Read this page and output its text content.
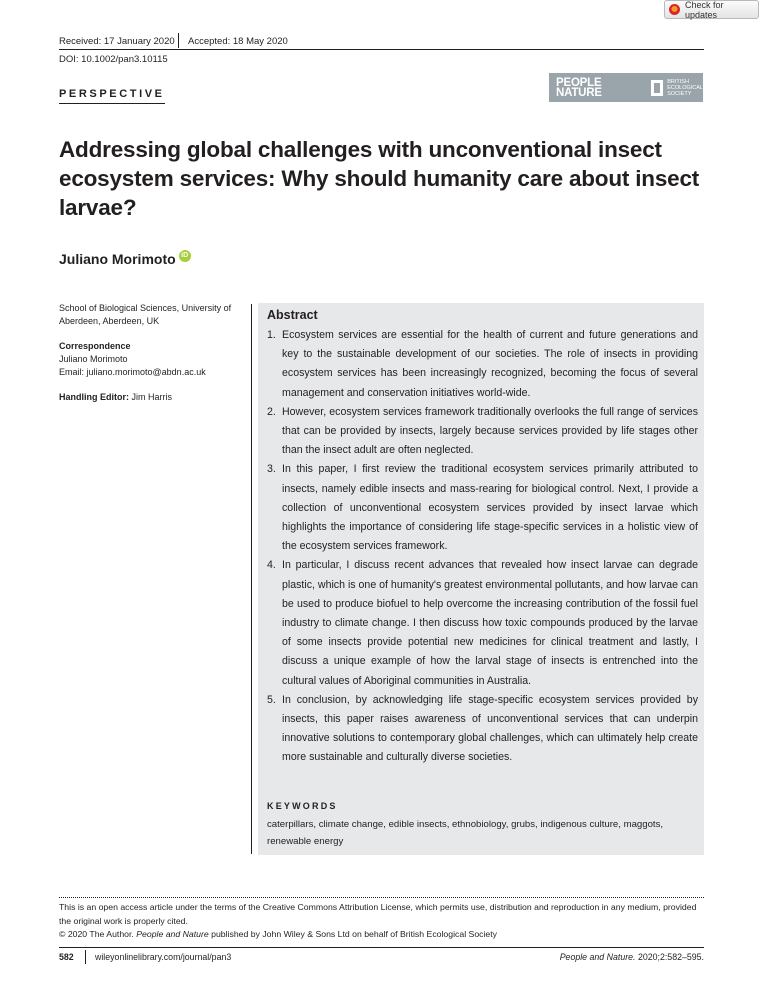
Check for updates
Received: 17 January 2020 Accepted: 18 May 2020
DOI: 10.1002/pan3.10115
PEOPLE
NATURE
BRITISH
ECOLOGICAL
SOCIETY
PERSPECTIVE
Addressing global challenges with unconventional insect ecosystem services: Why should humanity care about insect larvae?
Juliano Morimoto iD
School of Biological Sciences, University of Aberdeen, Aberdeen, UK
Correspondence
Juliano Morimoto
Email: juliano.morimoto@abdn.ac.uk
Handling Editor: Jim Harris
Abstract
1. Ecosystem services are essential for the health of current and future generations and key to the sustainable development of our societies. The role of insects in providing ecosystem services has been increasingly recognized, becoming the focus of several management and conservation initiatives world-wide.
2. However, ecosystem services framework traditionally overlooks the full range of services that can be provided by insects, largely because services provided by life stages other than the insect adult are often neglected.
3. In this paper, I first review the traditional ecosystem services primarily attributed to insects, namely edible insects and mass-rearing for biological control. Next, I provide a collection of unconventional ecosystem services provided by insect larvae which highlights the importance of considering life stage-specific services in a holistic view of the ecosystem services framework.
4. In particular, I discuss recent advances that revealed how insect larvae can degrade plastic, which is one of humanity's greatest environmental pollutants, and how larvae can be used to produce biofuel to help overcome the increasing contribution of the fossil fuel industry to climate change. I then discuss how toxic compounds produced by the larvae of some insects provide potential new medicines for clinical treatment and lastly, I discuss a unique example of how the larval stage of insects is entrenched into the cultural values of Aboriginal communities in Australia.
5. In conclusion, by acknowledging life stage-specific ecosystem services provided by insects, this paper raises awareness of unconventional services that can underpin innovative solutions to contemporary global challenges, which can ultimately help create more sustainable and culturally diverse societies.
KEYWORDS
caterpillars, climate change, edible insects, ethnobiology, grubs, indigenous culture, maggots, renewable energy
This is an open access article under the terms of the Creative Commons Attribution License, which permits use, distribution and reproduction in any medium, provided the original work is properly cited.
© 2020 The Author. People and Nature published by John Wiley & Sons Ltd on behalf of British Ecological Society
582 wileyonlinelibrary.com/journal/pan3	People and Nature. 2020;2:582–595.
